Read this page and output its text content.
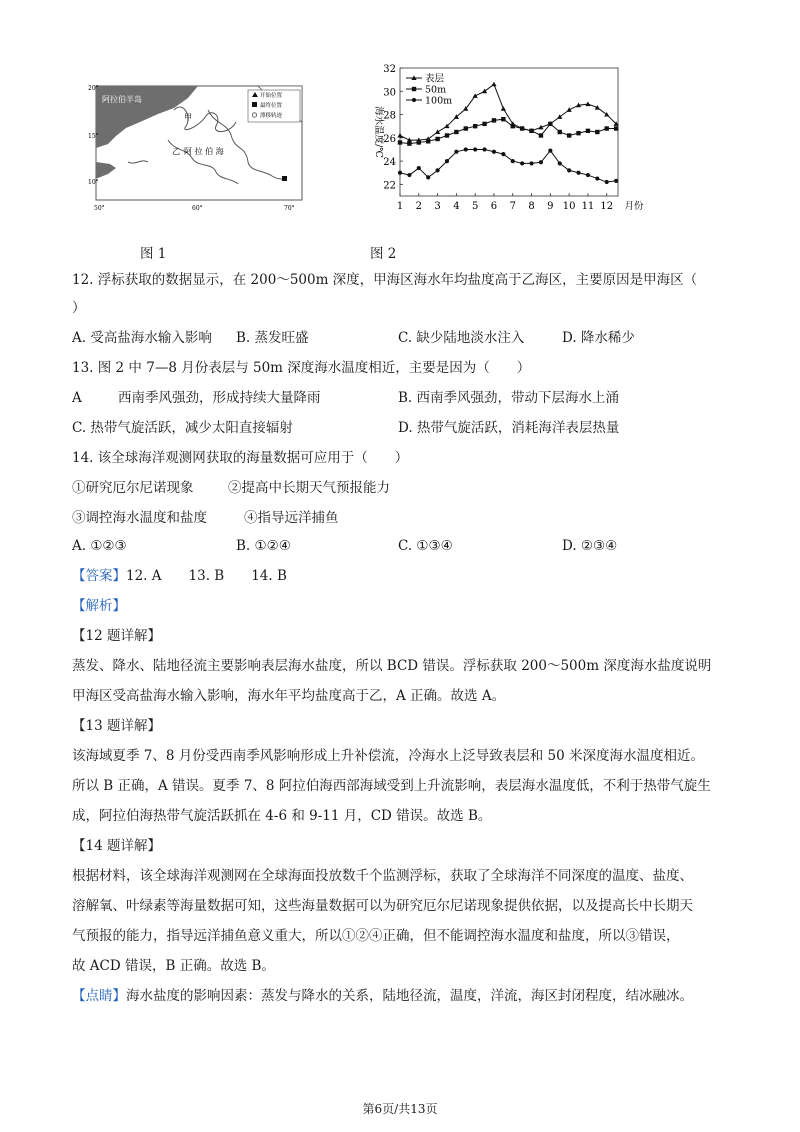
开始位置
最终位置
漂移轨迹
阿拉伯半岛
甲
乙 阿 拉 伯 海
20°
15°
10°
50°	60°	70°
图 1
22
24
26
28
30
32
1 2 3 4 5 6 7 8 9 10 11 12 月份
海水温度/℃
表层
50m
100m
图 2
12. 浮标获取的数据显示，在 200～500m 深度，甲海区海水年均盐度高于乙海区，主要原因是甲海区（
）
A. 受高盐海水输入影响 B. 蒸发旺盛	C. 缺少陆地淡水注入	D. 降水稀少
13. 图 2 中 7—8 月份表层与 50m 深度海水温度相近，主要是因为（　　）
A	西南季风强劲，形成持续大量降雨	B. 西南季风强劲，带动下层海水上涌
C. 热带气旋活跃，减少太阳直接辐射	D. 热带气旋活跃，消耗海洋表层热量
14. 该全球海洋观测网获取的海量数据可应用于（　　）
①研究厄尔尼诺现象	②提高中长期天气预报能力
③调控海水温度和盐度	④指导远洋捕鱼
A. ①②③	B. ①②④	C. ①③④	D. ②③④
【答案】12. A　　13. B　　14. B
【解析】
【12 题详解】
蒸发、降水、陆地径流主要影响表层海水盐度，所以 BCD 错误。浮标获取 200～500m 深度海水盐度说明
甲海区受高盐海水输入影响，海水年平均盐度高于乙，A 正确。故选 A。
【13 题详解】
该海域夏季 7、8 月份受西南季风影响形成上升补偿流，冷海水上泛导致表层和 50 米深度海水温度相近。
所以 B 正确，A 错误。夏季 7、8 阿拉伯海西部海域受到上升流影响，表层海水温度低，不利于热带气旋生
成，阿拉伯海热带气旋活跃抓在 4-6 和 9-11 月，CD 错误。故选 B。
【14 题详解】
根据材料，该全球海洋观测网在全球海面投放数千个监测浮标，获取了全球海洋不同深度的温度、盐度、
溶解氧、叶绿素等海量数据可知，这些海量数据可以为研究厄尔尼诺现象提供依据，以及提高长中长期天
气预报的能力，指导远洋捕鱼意义重大，所以①②④正确，但不能调控海水温度和盐度，所以③错误，
故 ACD 错误，B 正确。故选 B。
【点睛】海水盐度的影响因素：蒸发与降水的关系，陆地径流，温度，洋流，海区封闭程度，结冰融冰。
第6页/共13页
